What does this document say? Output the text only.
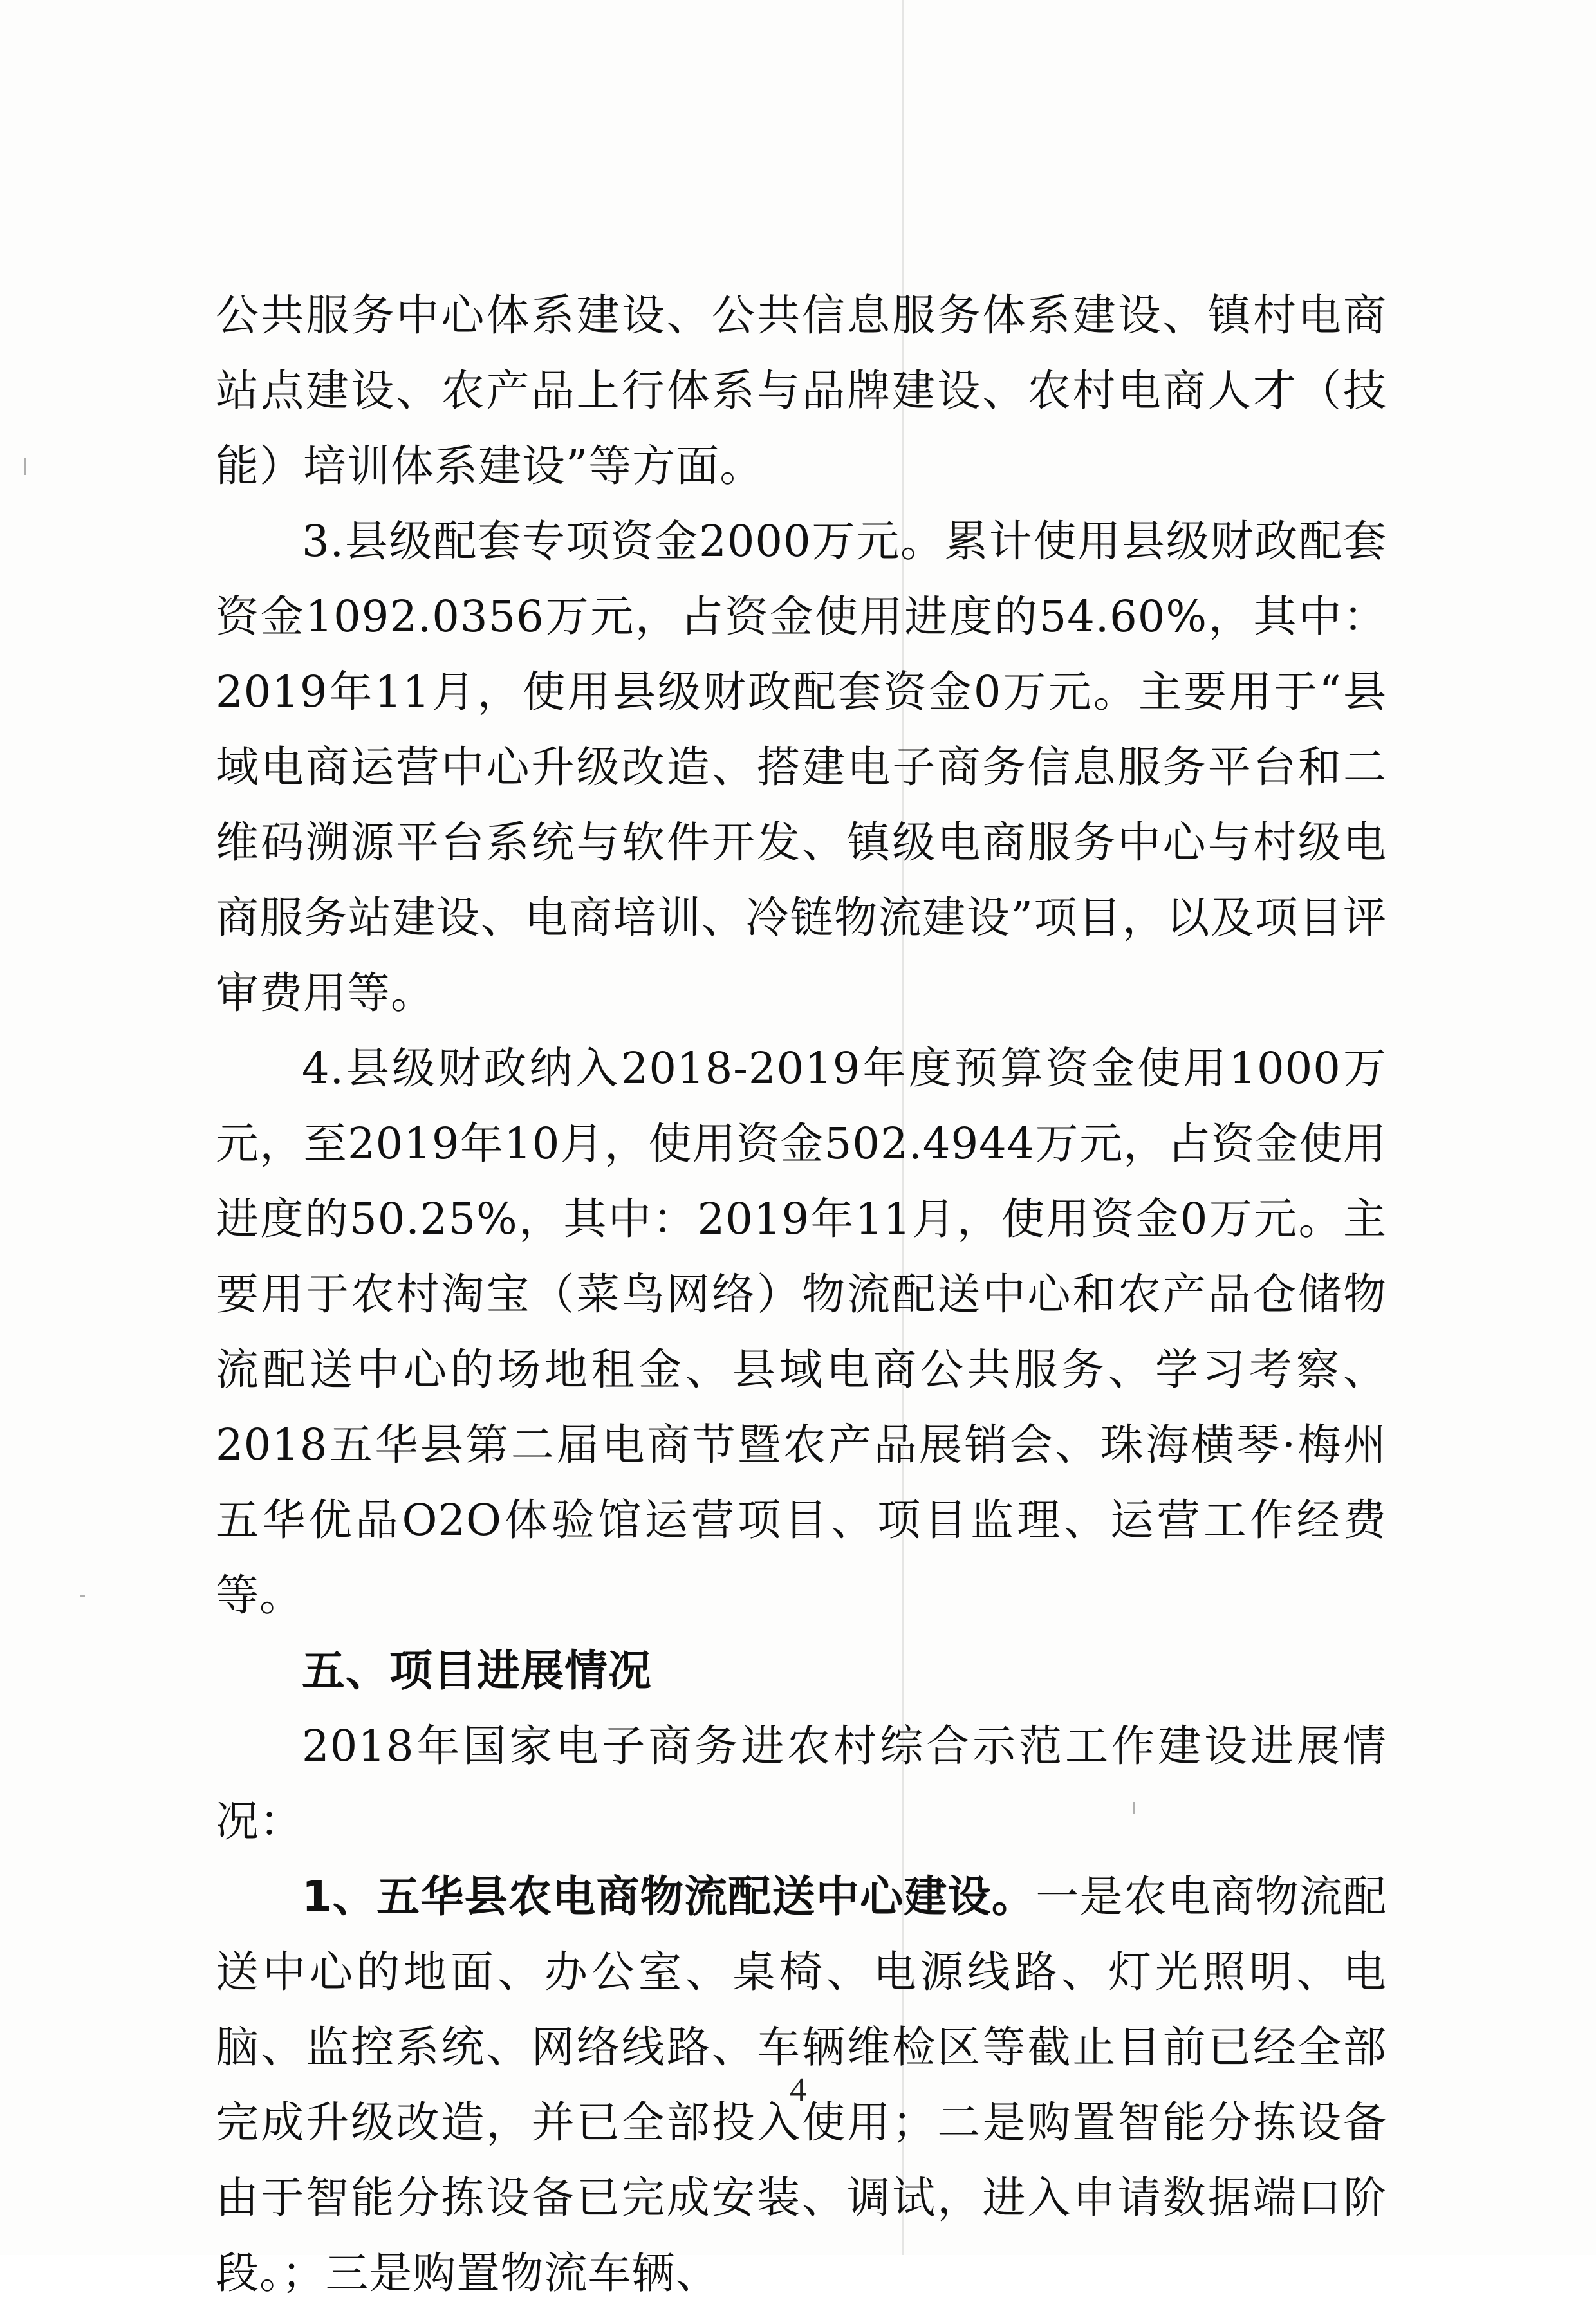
公共服务中心体系建设、公共信息服务体系建设、镇村电商站点建设、农产品上行体系与品牌建设、农村电商人才（技能）培训体系建设”等方面。

3.县级配套专项资金2000万元。累计使用县级财政配套资金1092.0356万元，占资金使用进度的54.60%，其中：2019年11月，使用县级财政配套资金0万元。主要用于“县域电商运营中心升级改造、搭建电子商务信息服务平台和二维码溯源平台系统与软件开发、镇级电商服务中心与村级电商服务站建设、电商培训、冷链物流建设”项目，以及项目评审费用等。

4.县级财政纳入2018-2019年度预算资金使用1000万元，至2019年10月，使用资金502.4944万元，占资金使用进度的50.25%，其中：2019年11月，使用资金0万元。主要用于农村淘宝（菜鸟网络）物流配送中心和农产品仓储物流配送中心的场地租金、县域电商公共服务、学习考察、2018五华县第二届电商节暨农产品展销会、珠海横琴·梅州五华优品O2O体验馆运营项目、项目监理、运营工作经费等。

五、项目进展情况

2018年国家电子商务进农村综合示范工作建设进展情况：

1、五华县农电商物流配送中心建设。一是农电商物流配送中心的地面、办公室、桌椅、电源线路、灯光照明、电脑、监控系统、网络线路、车辆维检区等截止目前已经全部完成升级改造，并已全部投入使用；二是购置智能分拣设备由于智能分拣设备已完成安装、调试，进入申请数据端口阶段。；三是购置物流车辆、

4
